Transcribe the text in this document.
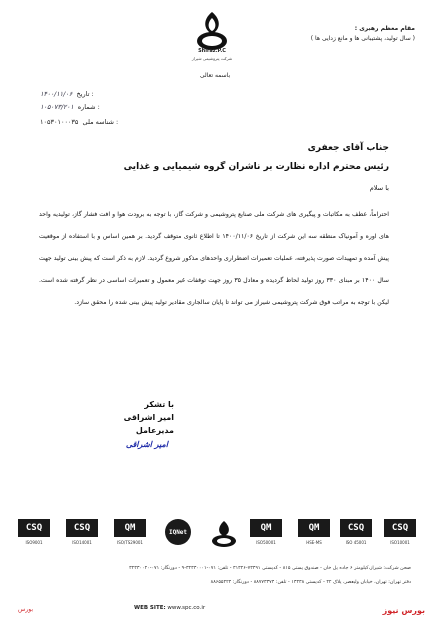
مقام معظم رهبری :
( سال تولید، پشتیبانی ها و مانع زدایی ها )
Shiraz.P.C
شرکت پتروشیمی شیراز
باسمه تعالی
۱۴۰۰/۱۱/۰۶ تاریخ :
۱۰۵۰۷۳/۲۰۱ شماره :
۱۰۵۳۰۱۰۰۰۳۵ شناسه ملی :
جناب آقای جعفری
رئیس محترم اداره نظارت بر ناشران گروه شیمیایی و غذایی
با سلام
احتراماً، عطف به مکاتبات و پیگیری های شرکت ملی صنایع پتروشیمی و شرکت گاز، با توجه به برودت هوا و افت فشار گاز، تولیدیه واحد های اوره و آمونیاک منطقه سه این شرکت از تاریخ ۱۴۰۰/۱۱/۰۶ تا اطلاع ثانوی متوقف گردید. بر همین اساس و با استفاده از موقعیت پیش آمده و تمهیدات صورت پذیرفته، عملیات تعمیرات اضطراری واحدهای مذکور شروع گردید. لازم به ذکر است که پیش بینی تولید جهت سال ۱۴۰۰ بر مبنای ۳۳۰ روز تولید لحاظ گردیده و معادل ۳۵ روز جهت توقفات غیر معمول و تعمیرات اساسی در نظر گرفته شده است. لیکن با توجه به مراتب فوق شرکت پتروشیمی شیراز می تواند تا پایان سالجاری مقادیر تولید پیش بینی شده را محقق سازد.
با تشکر
امیر اشراقی
مدیرعامل
امیر اشراقی
CSQ
ISO9001
CSQ
ISO14001
QM
ISO/TS29001
IQNet	QM
ISO50001
QM
HSE-MS
CSQ
ISO 45001
CSQ
ISO10001
صحن شرکت: شیراز،کیلومتر ۶ جاده پل خان - صندوق پستی ۸۱۵ - کدپستی ۷۳۴۹۱-۳۱۳۲۶ - تلفن: ۰۷۱-۳۲۳۳۰۰۰۱-۹ - دورنگار: ۰۷۱-۳۲۳۳۰۰۲۰
دفتر تهران: تهران، خیابان ولیعصر، پلاک ۴۲ - کدپستی ۱۴۳۳۸ - تلفن: ۸۸۷۷۳۳۷۴ - دورنگار: ۸۸۶۵۵۴۲۴
WEB SITE: www.spc.co.ir
بورس	بورس نیوز
